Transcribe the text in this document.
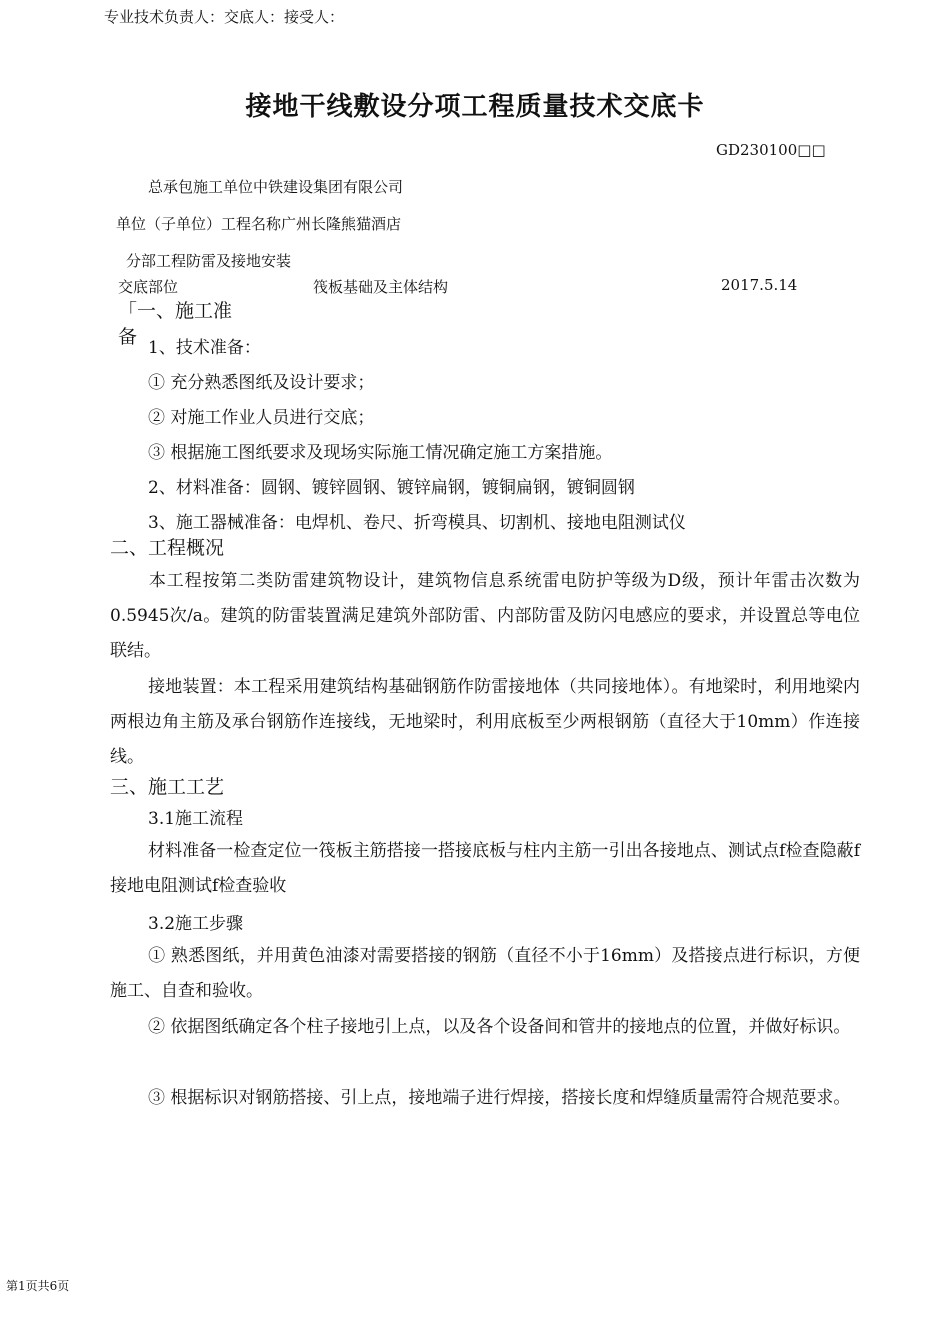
专业技术负责人：交底人：接受人：
接地干线敷设分项工程质量技术交底卡
GD230100□□
总承包施工单位中铁建设集团有限公司
单位（子单位）工程名称广州长隆熊猫酒店
分部工程防雷及接地安装
交底部位	筏板基础及主体结构	2017.5.14
「一、施工准
备 1、技术准备：
① 充分熟悉图纸及设计要求；
② 对施工作业人员进行交底；
③ 根据施工图纸要求及现场实际施工情况确定施工方案措施。
2、材料准备：圆钢、镀锌圆钢、镀锌扁钢，镀铜扁钢，镀铜圆钢
3、施工器械准备：电焊机、卷尺、折弯模具、切割机、接地电阻测试仪
二、工程概况
本工程按第二类防雷建筑物设计，建筑物信息系统雷电防护等级为D级，预计年雷击次数为0.5945次/a。建筑的防雷装置满足建筑外部防雷、内部防雷及防闪电感应的要求，并设置总等电位联结。
接地装置：本工程采用建筑结构基础钢筋作防雷接地体（共同接地体）。有地梁时，利用地梁内两根边角主筋及承台钢筋作连接线，无地梁时，利用底板至少两根钢筋（直径大于10mm）作连接线。
三、施工工艺
3.1施工流程
材料准备一检查定位一筏板主筋搭接一搭接底板与柱内主筋一引出各接地点、测试点f检查隐蔽f接地电阻测试f检查验收
3.2施工步骤
① 熟悉图纸，并用黄色油漆对需要搭接的钢筋（直径不小于16mm）及搭接点进行标识，方便施工、自查和验收。
② 依据图纸确定各个柱子接地引上点，以及各个设备间和管井的接地点的位置，并做好标识。
③ 根据标识对钢筋搭接、引上点，接地端子进行焊接，搭接长度和焊缝质量需符合规范要求。
第1页共6页
